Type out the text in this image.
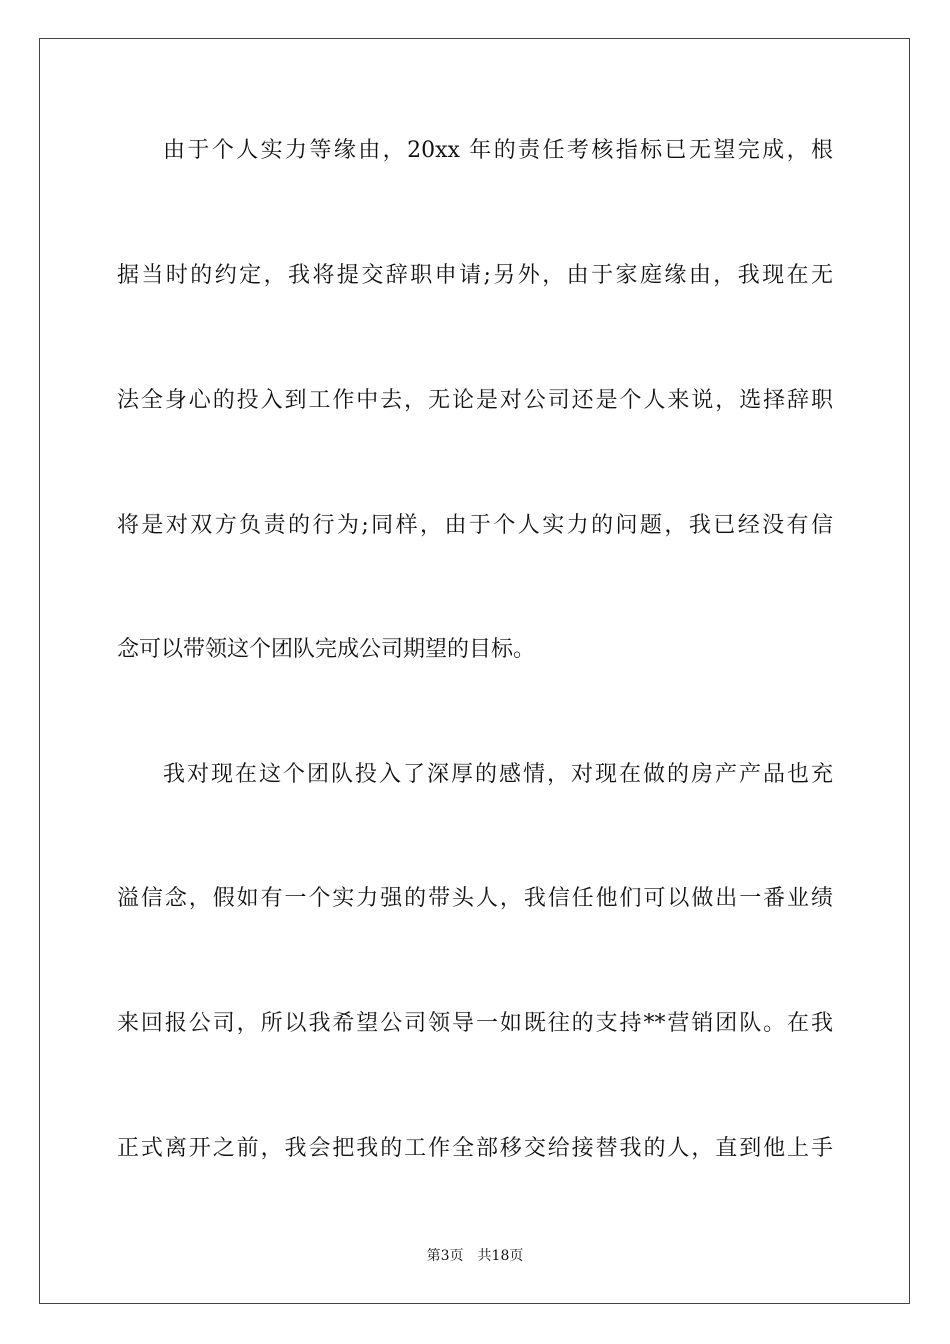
由于个人实力等缘由，20xx 年的责任考核指标已无望完成，根
据当时的约定，我将提交辞职申请;另外，由于家庭缘由，我现在无
法全身心的投入到工作中去，无论是对公司还是个人来说，选择辞职
将是对双方负责的行为;同样，由于个人实力的问题，我已经没有信
念可以带领这个团队完成公司期望的目标。
我对现在这个团队投入了深厚的感情，对现在做的房产产品也充
溢信念，假如有一个实力强的带头人，我信任他们可以做出一番业绩
来回报公司，所以我希望公司领导一如既往的支持**营销团队。在我
正式离开之前，我会把我的工作全部移交给接替我的人，直到他上手
第3页 共18页
